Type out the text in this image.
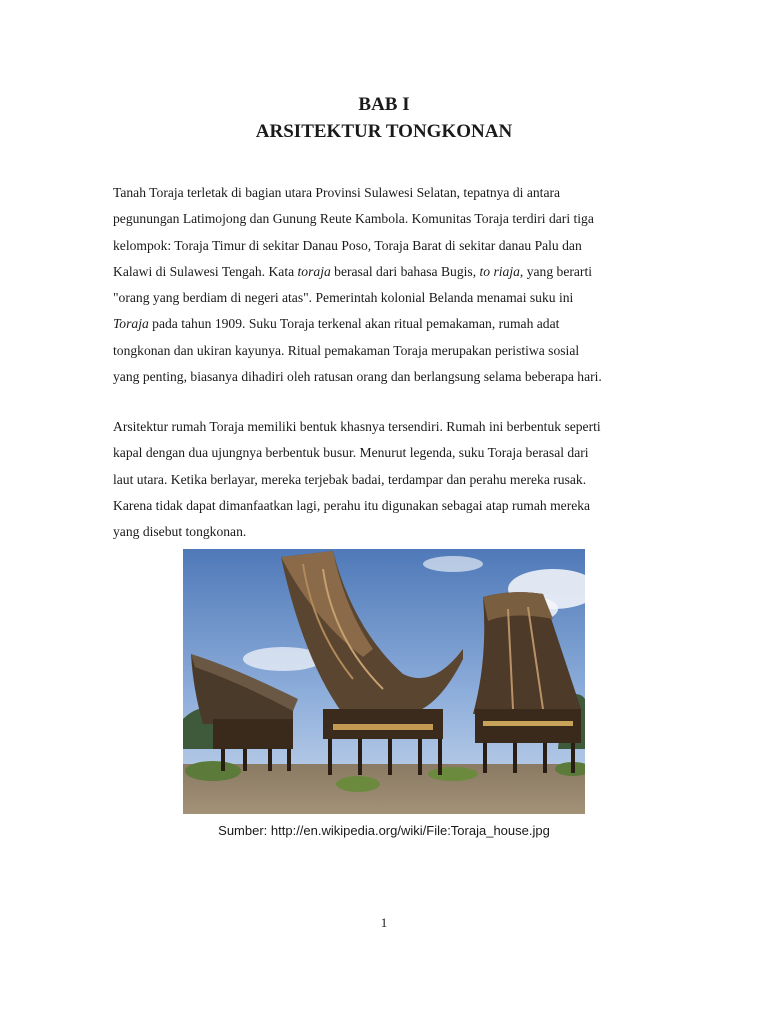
BAB I
ARSITEKTUR TONGKONAN
Tanah Toraja terletak di bagian utara Provinsi Sulawesi Selatan, tepatnya di antara
pegunungan Latimojong dan Gunung Reute Kambola. Komunitas Toraja terdiri dari tiga
kelompok: Toraja Timur di sekitar Danau Poso, Toraja Barat di sekitar danau Palu dan
Kalawi di Sulawesi Tengah. Kata toraja berasal dari bahasa Bugis, to riaja, yang berarti
"orang yang berdiam di negeri atas". Pemerintah kolonial Belanda menamai suku ini
Toraja pada tahun 1909. Suku Toraja terkenal akan ritual pemakaman, rumah adat
tongkonan dan ukiran kayunya. Ritual pemakaman Toraja merupakan peristiwa sosial
yang penting, biasanya dihadiri oleh ratusan orang dan berlangsung selama beberapa hari.
Arsitektur rumah Toraja memiliki bentuk khasnya tersendiri. Rumah ini berbentuk seperti
kapal dengan dua ujungnya berbentuk busur. Menurut legenda, suku Toraja berasal dari
laut utara. Ketika berlayar, mereka terjebak badai, terdampar dan perahu mereka rusak.
Karena tidak dapat dimanfaatkan lagi, perahu itu digunakan sebagai atap rumah mereka
yang disebut tongkonan.
Sumber: http://en.wikipedia.org/wiki/File:Toraja_house.jpg
1
